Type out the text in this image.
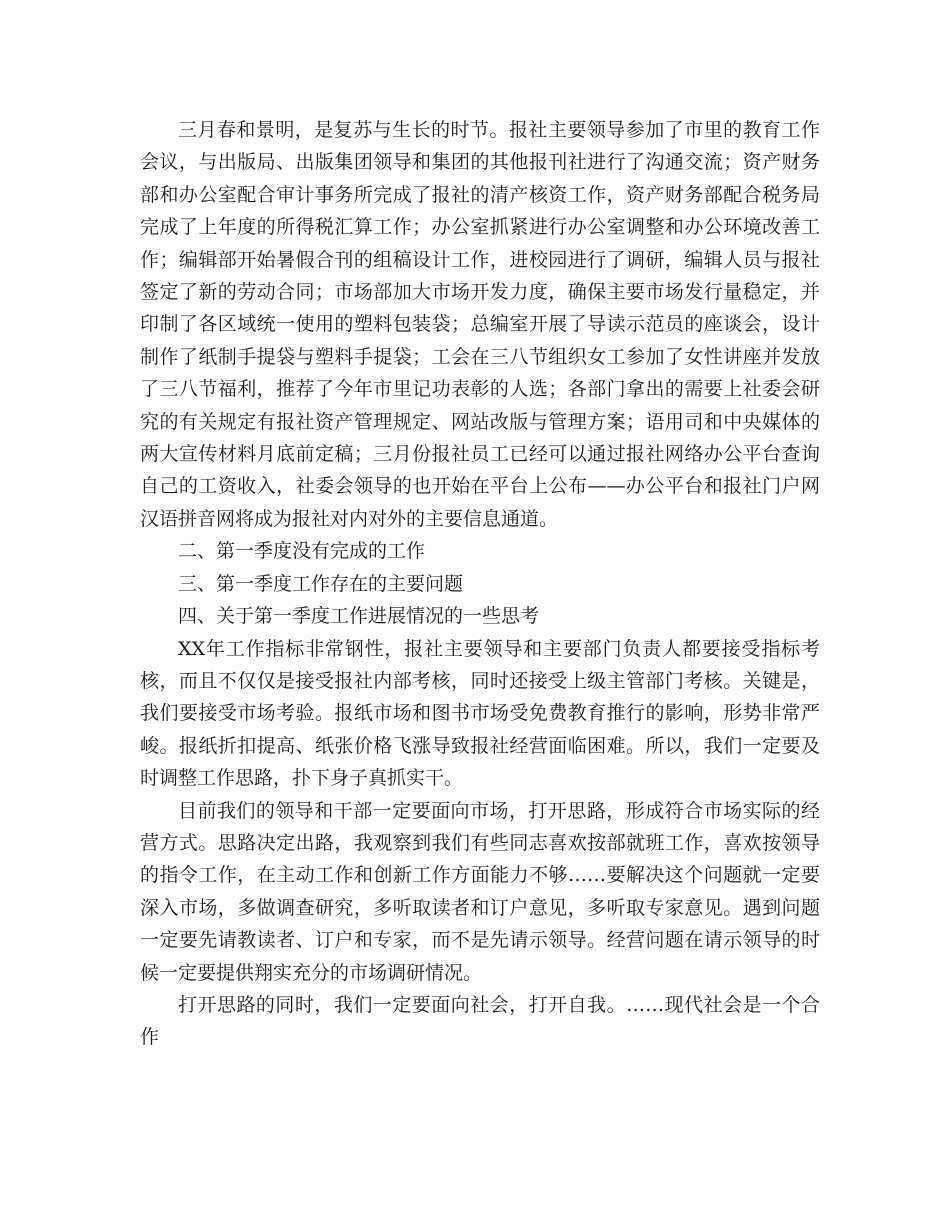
三月春和景明，是复苏与生长的时节。报社主要领导参加了市里的教育工作会议，与出版局、出版集团领导和集团的其他报刊社进行了沟通交流；资产财务部和办公室配合审计事务所完成了报社的清产核资工作，资产财务部配合税务局完成了上年度的所得税汇算工作；办公室抓紧进行办公室调整和办公环境改善工作；编辑部开始暑假合刊的组稿设计工作，进校园进行了调研，编辑人员与报社签定了新的劳动合同；市场部加大市场开发力度，确保主要市场发行量稳定，并印制了各区域统一使用的塑料包装袋；总编室开展了导读示范员的座谈会，设计制作了纸制手提袋与塑料手提袋；工会在三八节组织女工参加了女性讲座并发放了三八节福利，推荐了今年市里记功表彰的人选；各部门拿出的需要上社委会研究的有关规定有报社资产管理规定、网站改版与管理方案；语用司和中央媒体的两大宣传材料月底前定稿；三月份报社员工已经可以通过报社网络办公平台查询自己的工资收入，社委会领导的也开始在平台上公布——办公平台和报社门户网汉语拼音网将成为报社对内对外的主要信息通道。

二、第一季度没有完成的工作

三、第一季度工作存在的主要问题

四、关于第一季度工作进展情况的一些思考

XX年工作指标非常钢性，报社主要领导和主要部门负责人都要接受指标考核，而且不仅仅是接受报社内部考核，同时还接受上级主管部门考核。关键是，我们要接受市场考验。报纸市场和图书市场受免费教育推行的影响，形势非常严峻。报纸折扣提高、纸张价格飞涨导致报社经营面临困难。所以，我们一定要及时调整工作思路，扑下身子真抓实干。

目前我们的领导和干部一定要面向市场，打开思路，形成符合市场实际的经营方式。思路决定出路，我观察到我们有些同志喜欢按部就班工作，喜欢按领导的指令工作，在主动工作和创新工作方面能力不够……要解决这个问题就一定要深入市场，多做调查研究，多听取读者和订户意见，多听取专家意见。遇到问题一定要先请教读者、订户和专家，而不是先请示领导。经营问题在请示领导的时候一定要提供翔实充分的市场调研情况。

打开思路的同时，我们一定要面向社会，打开自我。……现代社会是一个合作
